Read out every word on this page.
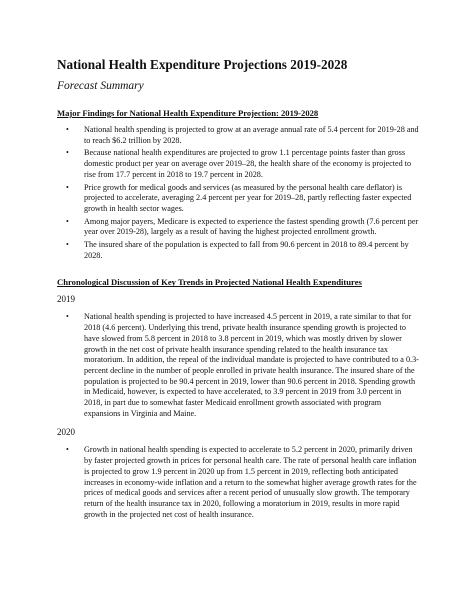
National Health Expenditure Projections 2019-2028

Forecast Summary

Major Findings for National Health Expenditure Projection: 2019-2028
• National health spending is projected to grow at an average annual rate of 5.4 percent for 2019-28 and to reach $6.2 trillion by 2028.
• Because national health expenditures are projected to grow 1.1 percentage points faster than gross domestic product per year on average over 2019–28, the health share of the economy is projected to rise from 17.7 percent in 2018 to 19.7 percent in 2028.
• Price growth for medical goods and services (as measured by the personal health care deflator) is projected to accelerate, averaging 2.4 percent per year for 2019–28, partly reflecting faster expected growth in health sector wages.
• Among major payers, Medicare is expected to experience the fastest spending growth (7.6 percent per year over 2019-28), largely as a result of having the highest projected enrollment growth.
• The insured share of the population is expected to fall from 90.6 percent in 2018 to 89.4 percent by 2028.
Chronological Discussion of Key Trends in Projected National Health Expenditures

2019

• National health spending is projected to have increased 4.5 percent in 2019, a rate similar to that for 2018 (4.6 percent). Underlying this trend, private health insurance spending growth is projected to have slowed from 5.8 percent in 2018 to 3.8 percent in 2019, which was mostly driven by slower growth in the net cost of private health insurance spending related to the health insurance tax moratorium. In addition, the repeal of the individual mandate is projected to have contributed to a 0.3-percent decline in the number of people enrolled in private health insurance. The insured share of the population is projected to be 90.4 percent in 2019, lower than 90.6 percent in 2018. Spending growth in Medicaid, however, is expected to have accelerated, to 3.9 percent in 2019 from 3.0 percent in 2018, in part due to somewhat faster Medicaid enrollment growth associated with program expansions in Virginia and Maine.

2020

• Growth in national health spending is expected to accelerate to 5.2 percent in 2020, primarily driven by faster projected growth in prices for personal health care. The rate of personal health care inflation is projected to grow 1.9 percent in 2020 up from 1.5 percent in 2019, reflecting both anticipated increases in economy-wide inflation and a return to the somewhat higher average growth rates for the prices of medical goods and services after a recent period of unusually slow growth. The temporary return of the health insurance tax in 2020, following a moratorium in 2019, results in more rapid growth in the projected net cost of health insurance.
